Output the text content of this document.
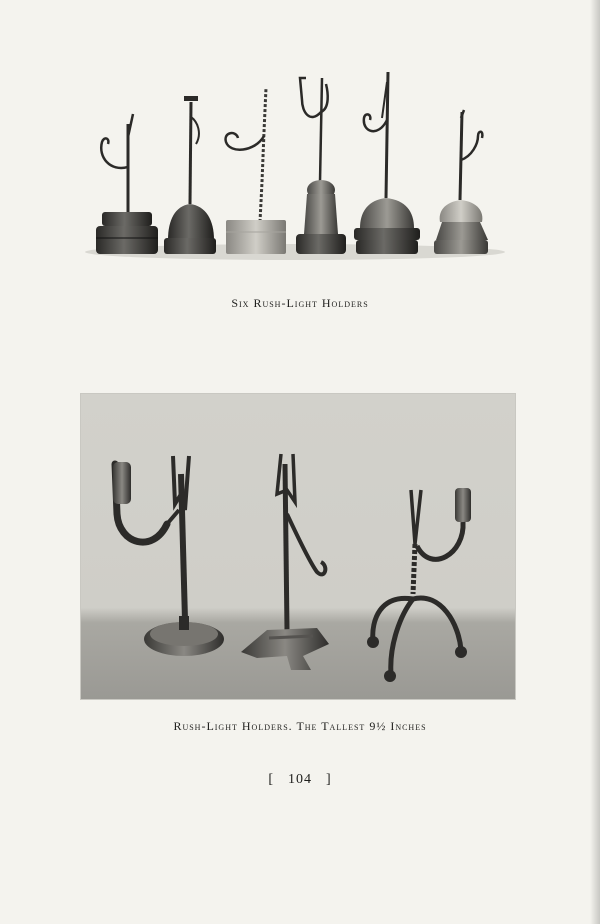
Six Rush-Light Holders
Rush-Light Holders. The Tallest 9½ Inches
[ 104 ]
